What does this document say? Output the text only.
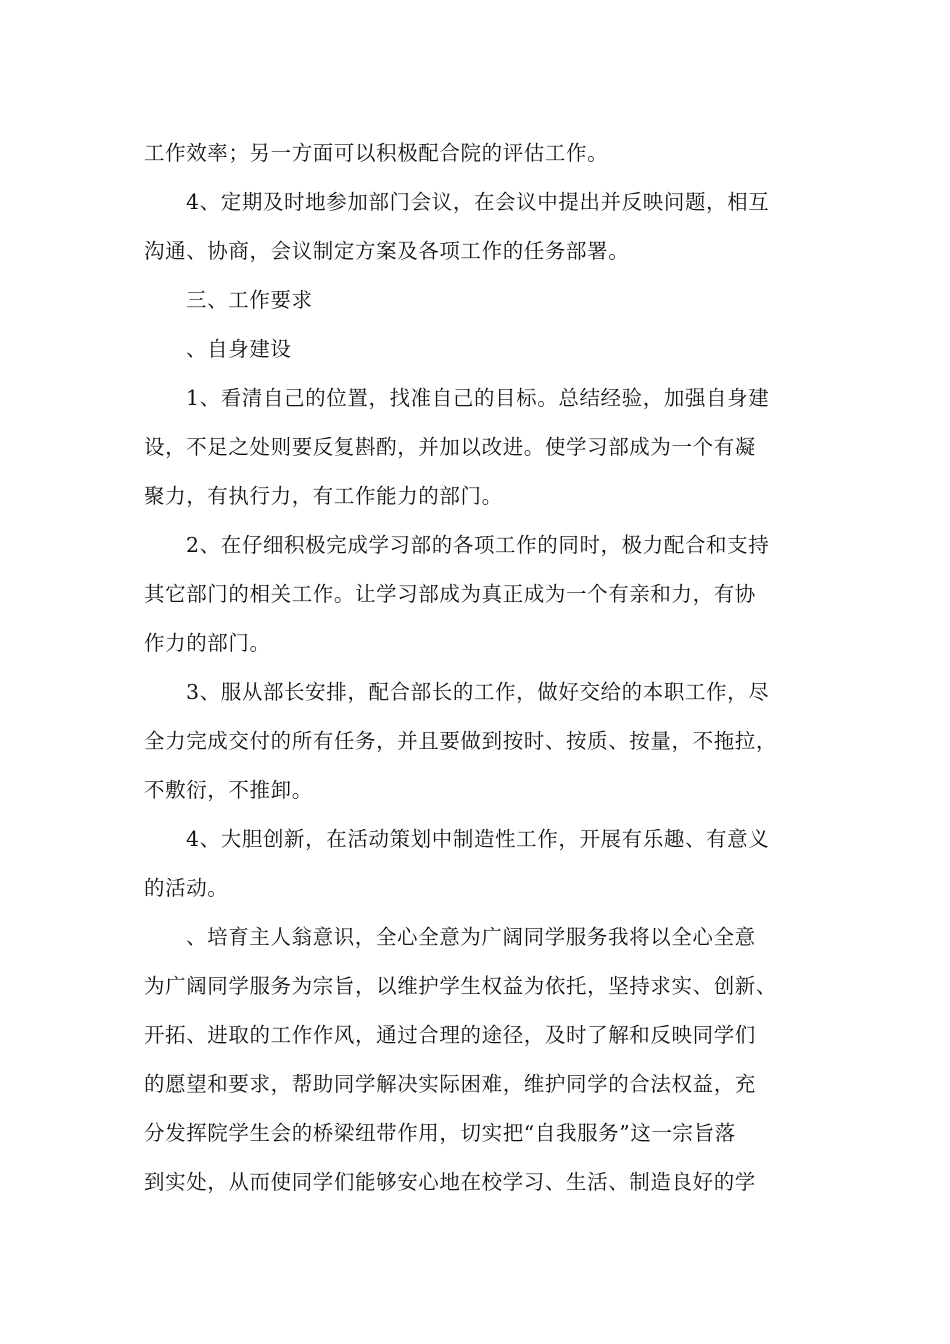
工作效率；另一方面可以积极配合院的评估工作。
4、定期及时地参加部门会议，在会议中提出并反映问题，相互
沟通、协商，会议制定方案及各项工作的任务部署。
三、工作要求
、自身建设
1、看清自己的位置，找准自己的目标。总结经验，加强自身建
设，不足之处则要反复斟酌，并加以改进。使学习部成为一个有凝
聚力，有执行力，有工作能力的部门。
2、在仔细积极完成学习部的各项工作的同时，极力配合和支持
其它部门的相关工作。让学习部成为真正成为一个有亲和力，有协
作力的部门。
3、服从部长安排，配合部长的工作，做好交给的本职工作，尽
全力完成交付的所有任务，并且要做到按时、按质、按量，不拖拉，
不敷衍，不推卸。
4、大胆创新，在活动策划中制造性工作，开展有乐趣、有意义
的活动。
、培育主人翁意识，全心全意为广阔同学服务我将以全心全意
为广阔同学服务为宗旨，以维护学生权益为依托，坚持求实、创新、
开拓、进取的工作作风，通过合理的途径，及时了解和反映同学们
的愿望和要求，帮助同学解决实际困难，维护同学的合法权益，充
分发挥院学生会的桥梁纽带作用，切实把“自我服务”这一宗旨落
到实处，从而使同学们能够安心地在校学习、生活、制造良好的学
